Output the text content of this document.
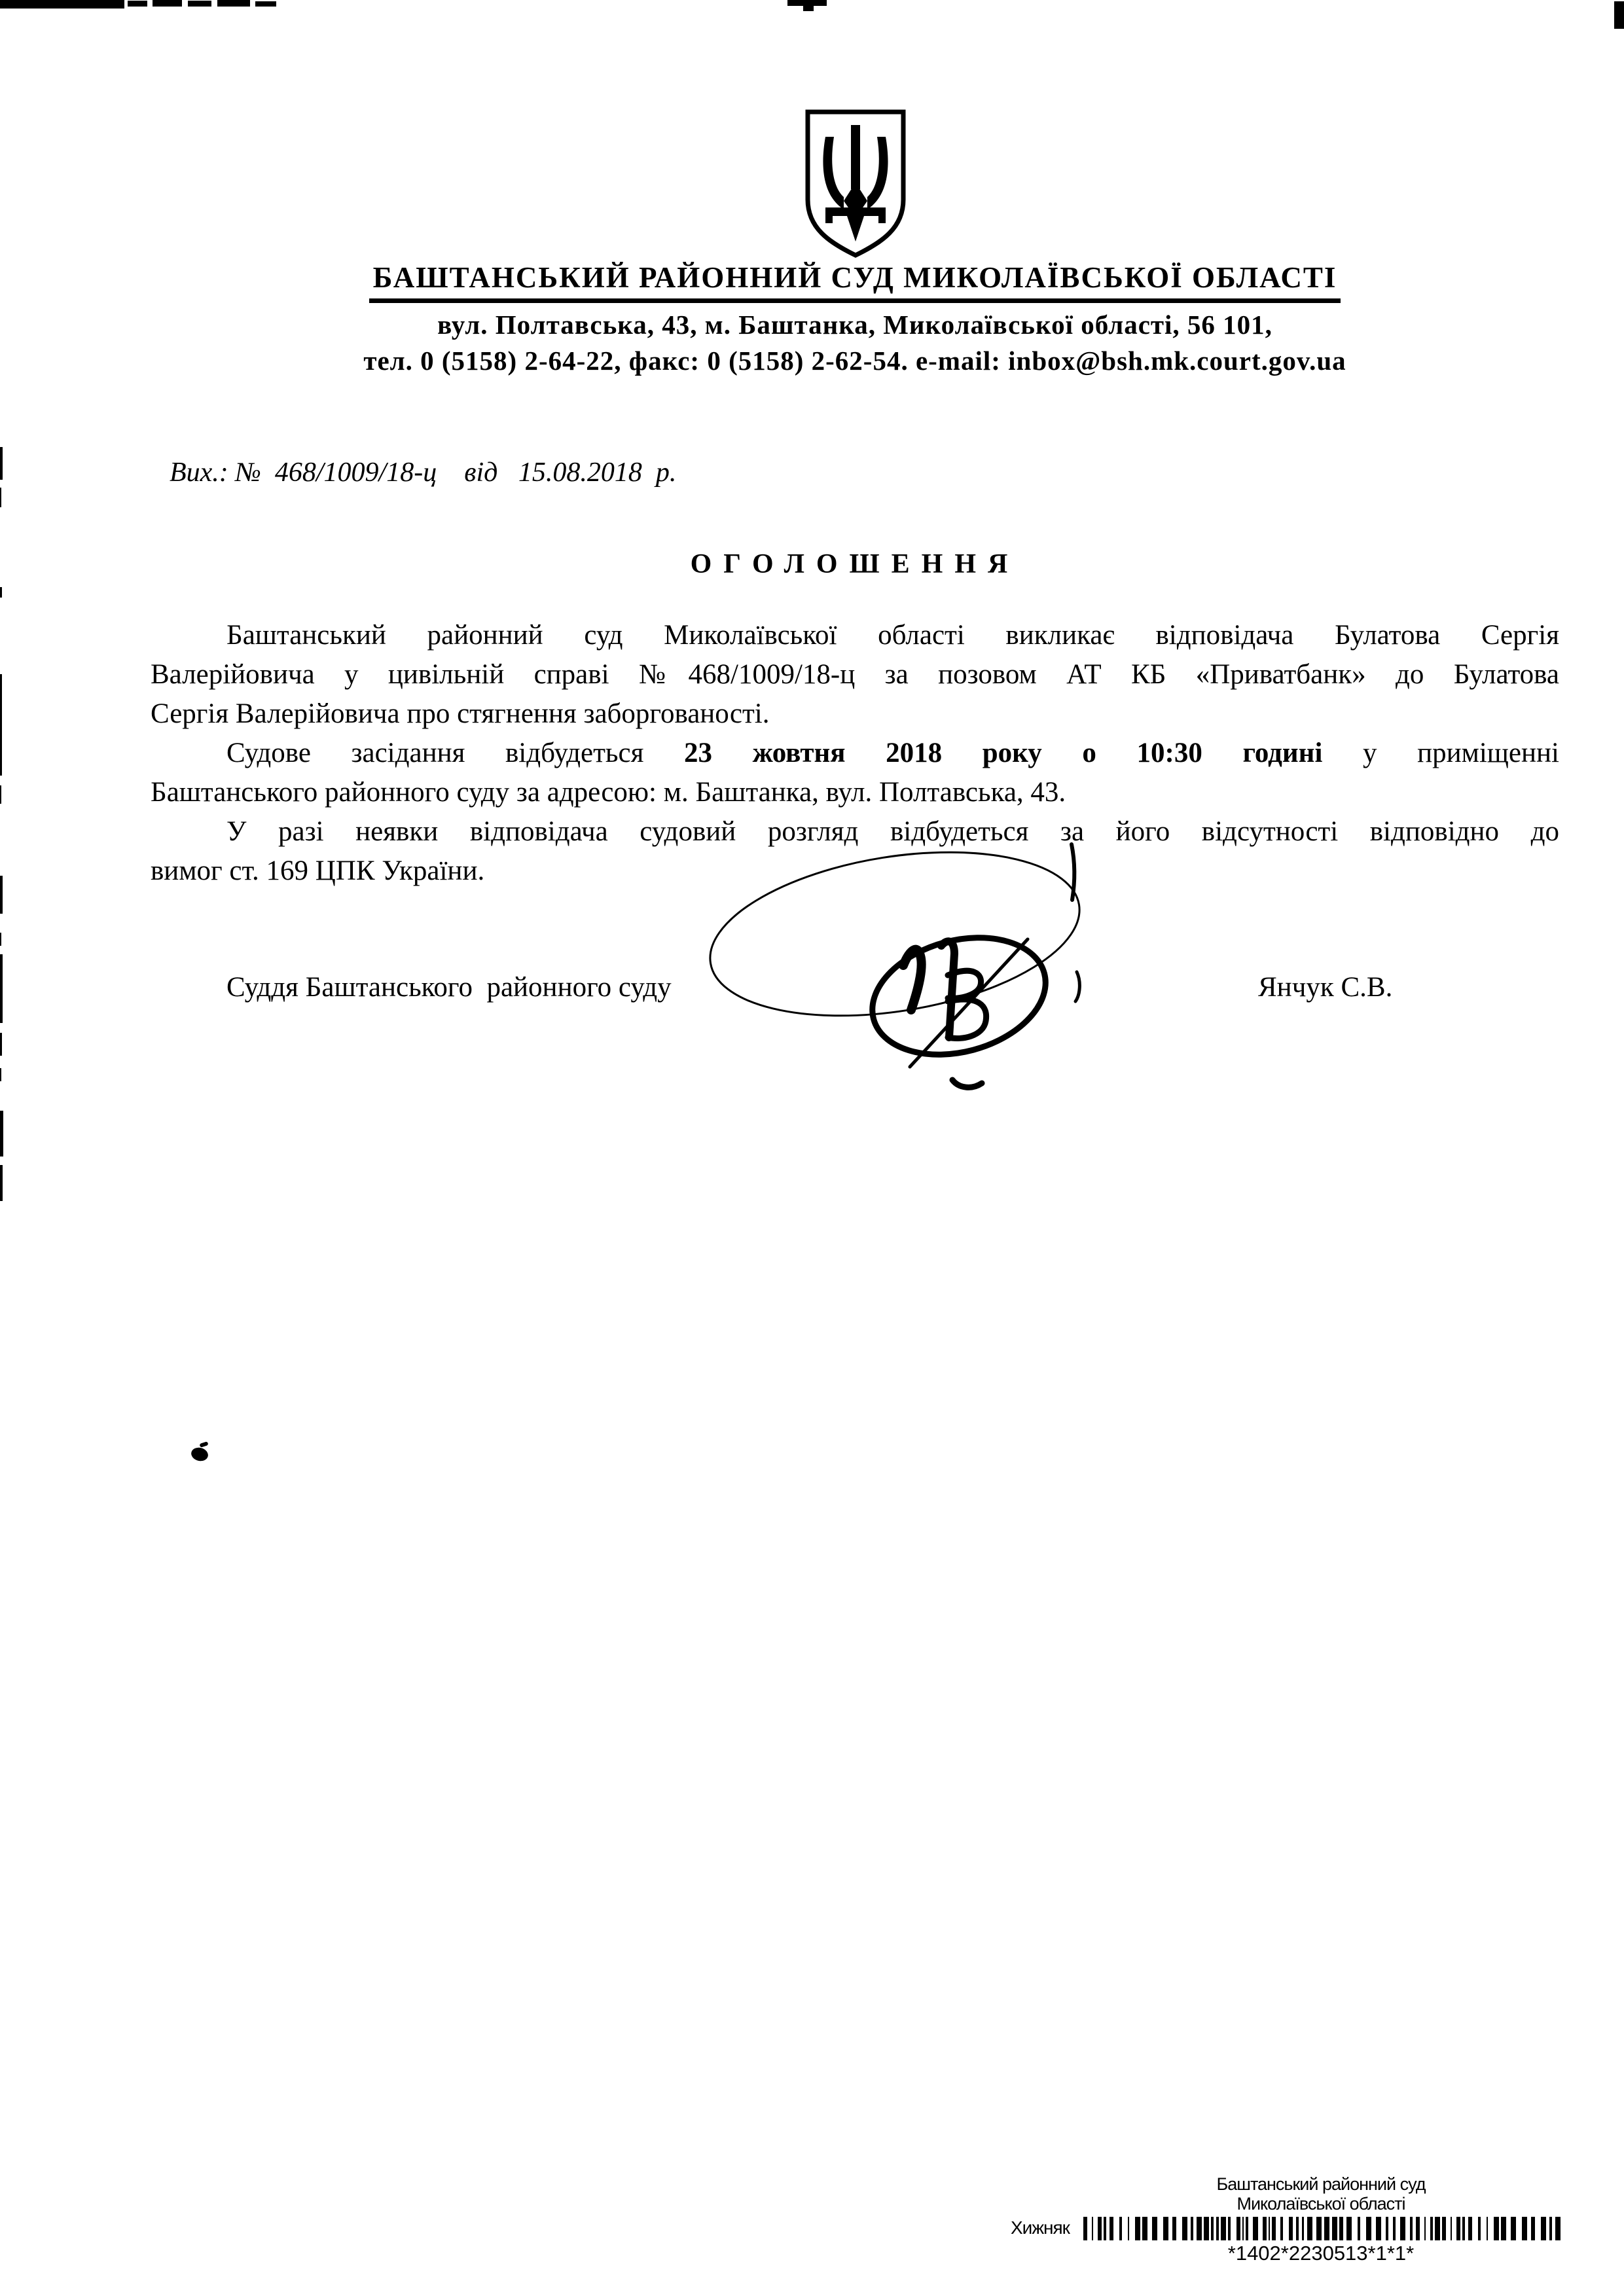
БАШТАНСЬКИЙ РАЙОННИЙ СУД МИКОЛАЇВСЬКОЇ ОБЛАСТІ
вул. Полтавська, 43, м. Баштанка, Миколаївської області, 56 101,
тел. 0 (5158) 2-64-22, факс: 0 (5158) 2-62-54. e-mail: inbox@bsh.mk.court.gov.ua
Вих.: №  468/1009/18-ц    від   15.08.2018  р.
ОГОЛОШЕННЯ
Баштанський районний суд Миколаївської області викликає відповідача Булатова Сергія
Валерійовича у цивільній справі №468/1009/18-ц за позовом АТ КБ «Приватбанк» до Булатова
Сергія Валерійовича про стягнення заборгованості.
Судове засідання відбудеться 23 жовтня 2018 року о 10:30 годині у приміщенні
Баштанського районного суду за адресою: м. Баштанка, вул. Полтавська, 43.
У разі неявки відповідача судовий розгляд відбудеться за його відсутності відповідно до
вимог ст. 169 ЦПК України.
Суддя Баштанського  районного суду	Янчук С.В.
Баштанський районний суд
Миколаївської області
Хижняк
*1402*2230513*1*1*
